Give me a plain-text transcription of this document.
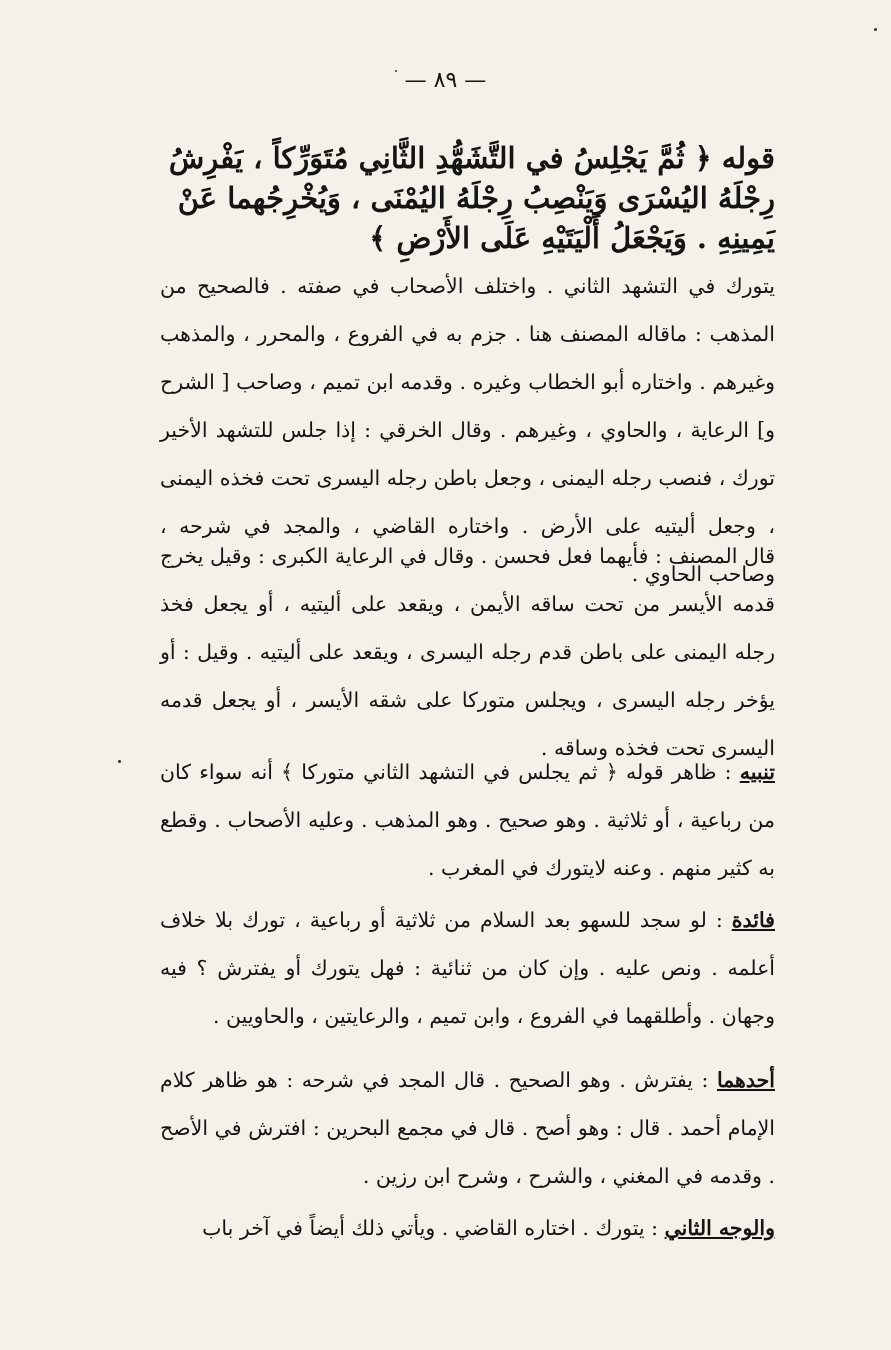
— ٨٩ —
قوله ﴿ ثُمَّ يَجْلِسُ في التَّشَهُّدِ الثَّانِي مُتَوَرِّكاً ، يَفْرِشُ رِجْلَهُ اليُسْرَى وَيَنْصِبُ رِجْلَهُ اليُمْنَى ، وَيُخْرِجُهما عَنْ يَمِينِهِ . وَيَجْعَلُ أَلْيَتَيْهِ عَلَى الأَرْضِ ﴾
يتورك في التشهد الثاني . واختلف الأصحاب في صفته . فالصحيح من المذهب : ماقاله المصنف هنا . جزم به في الفروع ، والمحرر ، والمذهب وغيرهم . واختاره أبو الخطاب وغيره . وقدمه ابن تميم ، وصاحب [ الشرح و] الرعاية ، والحاوي ، وغيرهم . وقال الخرقي : إذا جلس للتشهد الأخير تورك ، فنصب رجله اليمنى ، وجعل باطن رجله اليسرى تحت فخذه اليمنى ، وجعل أليتيه على الأرض . واختاره القاضي ، والمجد في شرحه ، وصاحب الحاوي .
قال المصنف : فأيهما فعل فحسن . وقال في الرعاية الكبرى : وقيل يخرج قدمه الأيسر من تحت ساقه الأيمن ، ويقعد على أليتيه ، أو يجعل فخذ رجله اليمنى على باطن قدم رجله اليسرى ، ويقعد على أليتيه . وقيل : أو يؤخر رجله اليسرى ، ويجلس متوركا على شقه الأيسر ، أو يجعل قدمه اليسرى تحت فخذه وساقه .
تنبيه : ظاهر قوله ﴿ ثم يجلس في التشهد الثاني متوركا ﴾ أنه سواء كان من رباعية ، أو ثلاثية . وهو صحيح . وهو المذهب . وعليه الأصحاب . وقطع به كثير منهم . وعنه لايتورك في المغرب .
فائدة : لو سجد للسهو بعد السلام من ثلاثية أو رباعية ، تورك بلا خلاف أعلمه . ونص عليه . وإن كان من ثنائية : فهل يتورك أو يفترش ؟ فيه وجهان . وأطلقهما في الفروع ، وابن تميم ، والرعايتين ، والحاويين .
أحدهما : يفترش . وهو الصحيح . قال المجد في شرحه : هو ظاهر كلام الإمام أحمد . قال : وهو أصح . قال في مجمع البحرين : افترش في الأصح . وقدمه في المغني ، والشرح ، وشرح ابن رزين .
والوجه الثاني : يتورك . اختاره القاضي . ويأتي ذلك أيضاً في آخر باب
